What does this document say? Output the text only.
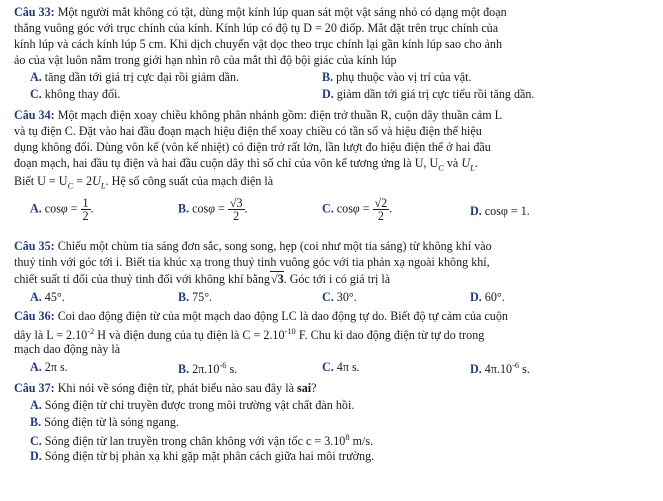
Câu 33: Một người mắt không có tật, dùng một kính lúp quan sát một vật sáng nhỏ có dạng một đoạn
thẳng vuông góc với trục chính của kính. Kính lúp có độ tụ D = 20 điốp. Mắt đặt trên trục chính của
kính lúp và cách kính lúp 5 cm. Khi dịch chuyển vật dọc theo trục chính lại gần kính lúp sao cho ảnh
ảo của vật luôn nằm trong giới hạn nhìn rõ của mắt thì độ bội giác của kính lúp
A. tăng dần tới giá trị cực đại rồi giảm dần.	B. phụ thuộc vào vị trí của vật.
C. không thay đổi.	D. giảm dần tới giá trị cực tiểu rồi tăng dần.
Câu 34: Một mạch điện xoay chiều không phân nhánh gồm: điện trở thuần R, cuộn dây thuần cảm L
và tụ điện C. Đặt vào hai đầu đoạn mạch hiệu điện thế xoay chiều có tần số và hiệu điện thế hiệu
dụng không đổi. Dùng vôn kế (vôn kế nhiệt) có điện trở rất lớn, lần lượt đo hiệu điện thế ở hai đầu
đoạn mạch, hai đầu tụ điện và hai đầu cuộn dây thì số chỉ của vôn kế tương ứng là U, $U_C$ và $U_L$.
Biết $U = U_C = 2U_L$. Hệ số công suất của mạch điện là
A. $\cos\varphi = \frac{1}{2}$ .	B. $\cos\varphi = \frac{√3}{2}$ .	C. $\cos\varphi = \frac{√2}{2}$ .	D. cosφ = 1.
Câu 35: Chiếu một chùm tia sáng đơn sắc, song song, hẹp (coi như một tia sáng) từ không khí vào
thuỷ tinh với góc tới i. Biết tia khúc xạ trong thuỷ tinh vuông góc với tia phản xạ ngoài không khí,
chiết suất tỉ đối của thuỷ tinh đối với không khí bằng√3. Góc tới i có giá trị là
A. 45°.	B. 75°.	C. 30°.	D. 60°.
Câu 36: Coi dao động điện từ của một mạch dao động LC là dao động tự do. Biết độ tự cảm của cuộn
dây là $L = 2.10^{-2}$ H và điện dung của tụ điện là $C = 2.10^{-10}$ F. Chu kì dao động điện từ tự do trong
mạch dao động này là
A. 2π s.	B. $2\pi.10^{-6}$ s.	C. 4π s.	D. $4\pi.10^{-6}$ s.
Câu 37: Khi nói về sóng điện từ, phát biểu nào sau đây là sai?
A. Sóng điện từ chỉ truyền được trong môi trường vật chất đàn hồi.
B. Sóng điện từ là sóng ngang.
C. Sóng điện từ lan truyền trong chân không với vận tốc $c = 3.10^8$ m/s.
D. Sóng điện từ bị phản xạ khi gặp mặt phân cách giữa hai môi trường.
